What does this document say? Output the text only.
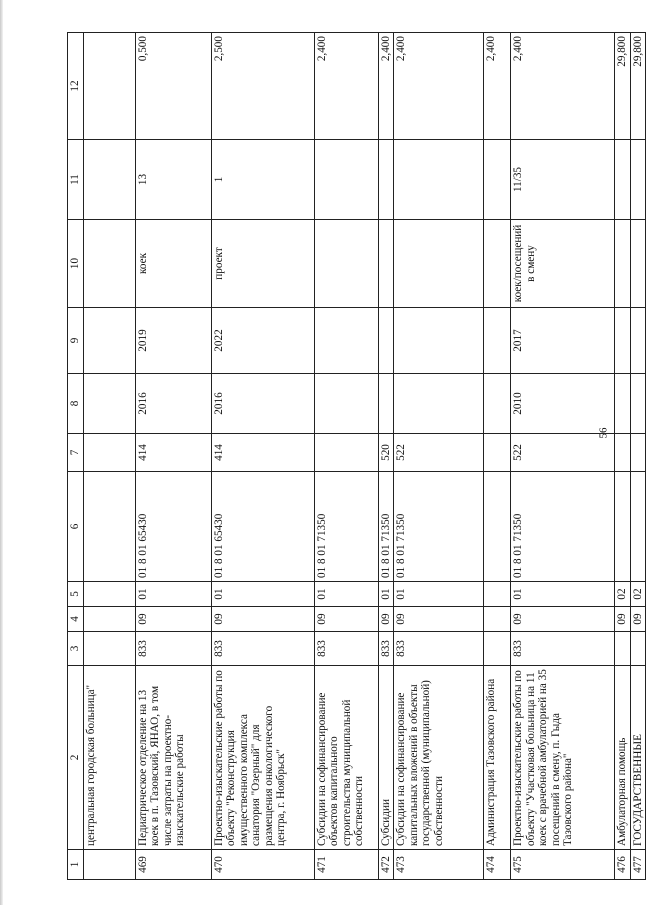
56
1	2	3	4	5	6	7	8	9	10	11	12
	центральная городская больница"										
469	Педиатрическое отделение на 13 коек в п. Тазовский, ЯНАО, в том числе затраты на проектно-изыскательские работы	833	09	01	01 8 01 65430	414	2016	2019	коек	13	0,500
470	Проектно-изыскательские работы по объекту "Реконструкция имущественного комплекса санатория "Озерный" для размещения онкологического центра, г. Ноябрьск"	833	09	01	01 8 01 65430	414	2016	2022	проект	1	2,500
471	Субсидии на софинансирование объектов капитального строительства муниципальной собственности	833	09	01	01 8 01 71350						2,400
472	Субсидии	833	09	01	01 8 01 71350	520					2,400
473	Субсидии на софинансирование капитальных вложений в объекты государственной (муниципальной) собственности	833	09	01	01 8 01 71350	522					2,400
474	Администрация Тазовского района										2,400
475	Проектно-изыскательские работы по объекту "Участковая больница на 11 коек с врачебной амбулаторией на 35 посещений в смену, п. Гыда Тазовского района"	833	09	01	01 8 01 71350	522	2010	2017	коек/посещений в смену	11/35	2,400
476	Амбулаторная помощь		09	02							29,800
477	ГОСУДАРСТВЕННЫЕ		09	02							29,800
